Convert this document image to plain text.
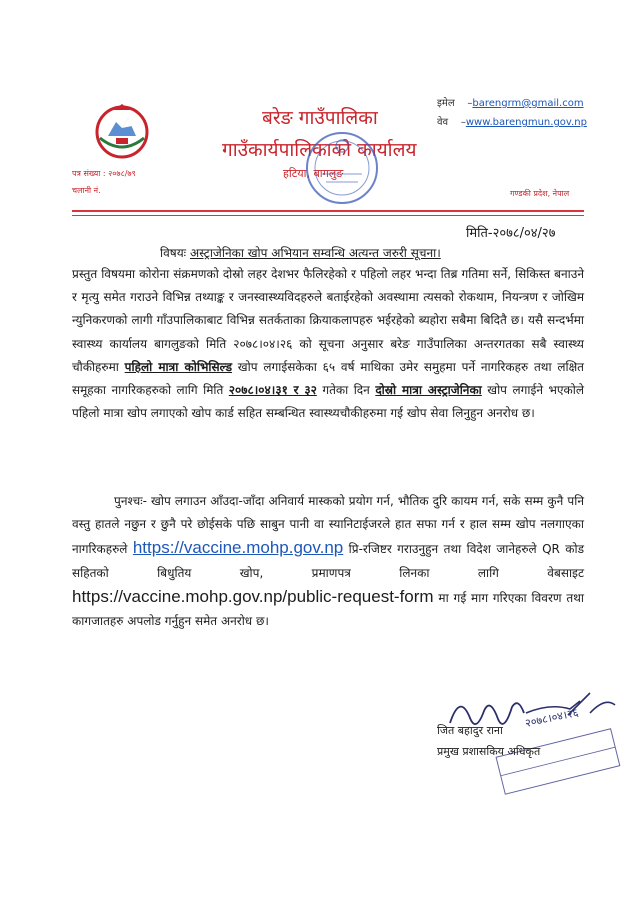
बरेङ गाउँपालिका
गाउँकार्यपालिकाको कार्यालय
हटिया, बागलुङ
पत्र संख्या : २०७८/७९
चलानी नं.	गण्डकी प्रदेश, नेपाल
इमेल    –barengrm@gmail.com
वेव    –www.barengmun.gov.np
मिति-२०७८/०४/२७
विषयः अस्ट्राजेनिका खोप अभियान सम्वन्धि अत्यन्त जरुरी सूचना।
प्रस्तुत विषयमा कोरोना संक्रमणको दोस्रो लहर देशभर फैलिरहेको र पहिलो लहर भन्दा तिब्र गतिमा सर्ने, सिकिस्त बनाउने र मृत्यु समेत गराउने विभिन्न तथ्याङ्क र जनस्वास्थ्यविदहरुले बताईरहेको अवस्थामा त्यसको रोकथाम, नियन्त्रण र जोखिम न्युनिकरणको लागी गाँउपालिकाबाट विभिन्न सतर्कताका क्रियाकलापहरु भईरहेको ब्यहोरा सबैमा बिदितै छ। यसै सन्दर्भमा स्वास्थ्य कार्यालय बागलुङको मिति २०७८।०४।२६ को सूचना अनुसार बरेङ गाउँपालिका अन्तरगतका सबै स्वास्थ्य चौकीहरुमा पहिलो मात्रा कोभिसिल्ड खोप लगाईसकेका ६५ वर्ष माथिका उमेर समुहमा पर्ने नागरिकहरु तथा लक्षित समूहका नागरिकहरुको लागि मिति २०७८।०४।३१ र ३२ गतेका दिन दोस्रो मात्रा अस्ट्राजेनिका खोप लगाईने भएकोले पहिलो मात्रा खोप लगाएको खोप कार्ड सहित सम्बन्धित स्वास्थ्यचौकीहरुमा गई खोप सेवा लिनुहुन अनरोध छ।
पुनश्चः- खोप लगाउन आँउदा-जाँदा अनिवार्य मास्कको प्रयोग गर्न, भौतिक दुरि कायम गर्न, सके सम्म कुनै पनि वस्तु हातले नछुन र छुनै परे छोईसके पछि साबुन पानी वा स्यानिटाईजरले हात सफा गर्न र हाल सम्म खोप नलगाएका नागरिकहरुले https://vaccine.mohp.gov.np प्रि-रजिष्टर गराउनुहुन तथा विदेश जानेहरुले QR कोड सहितको बिधुतिय खोप, प्रमाणपत्र लिनका लागि वेबसाइट https://vaccine.mohp.gov.np/public-request-form मा गई माग गरिएका विवरण तथा कागजातहरु अपलोड गर्नुहुन समेत अनरोध छ।
२०७८।०४।२६
जित बहादुर राना
प्रमुख प्रशासकिय अधिकृत
